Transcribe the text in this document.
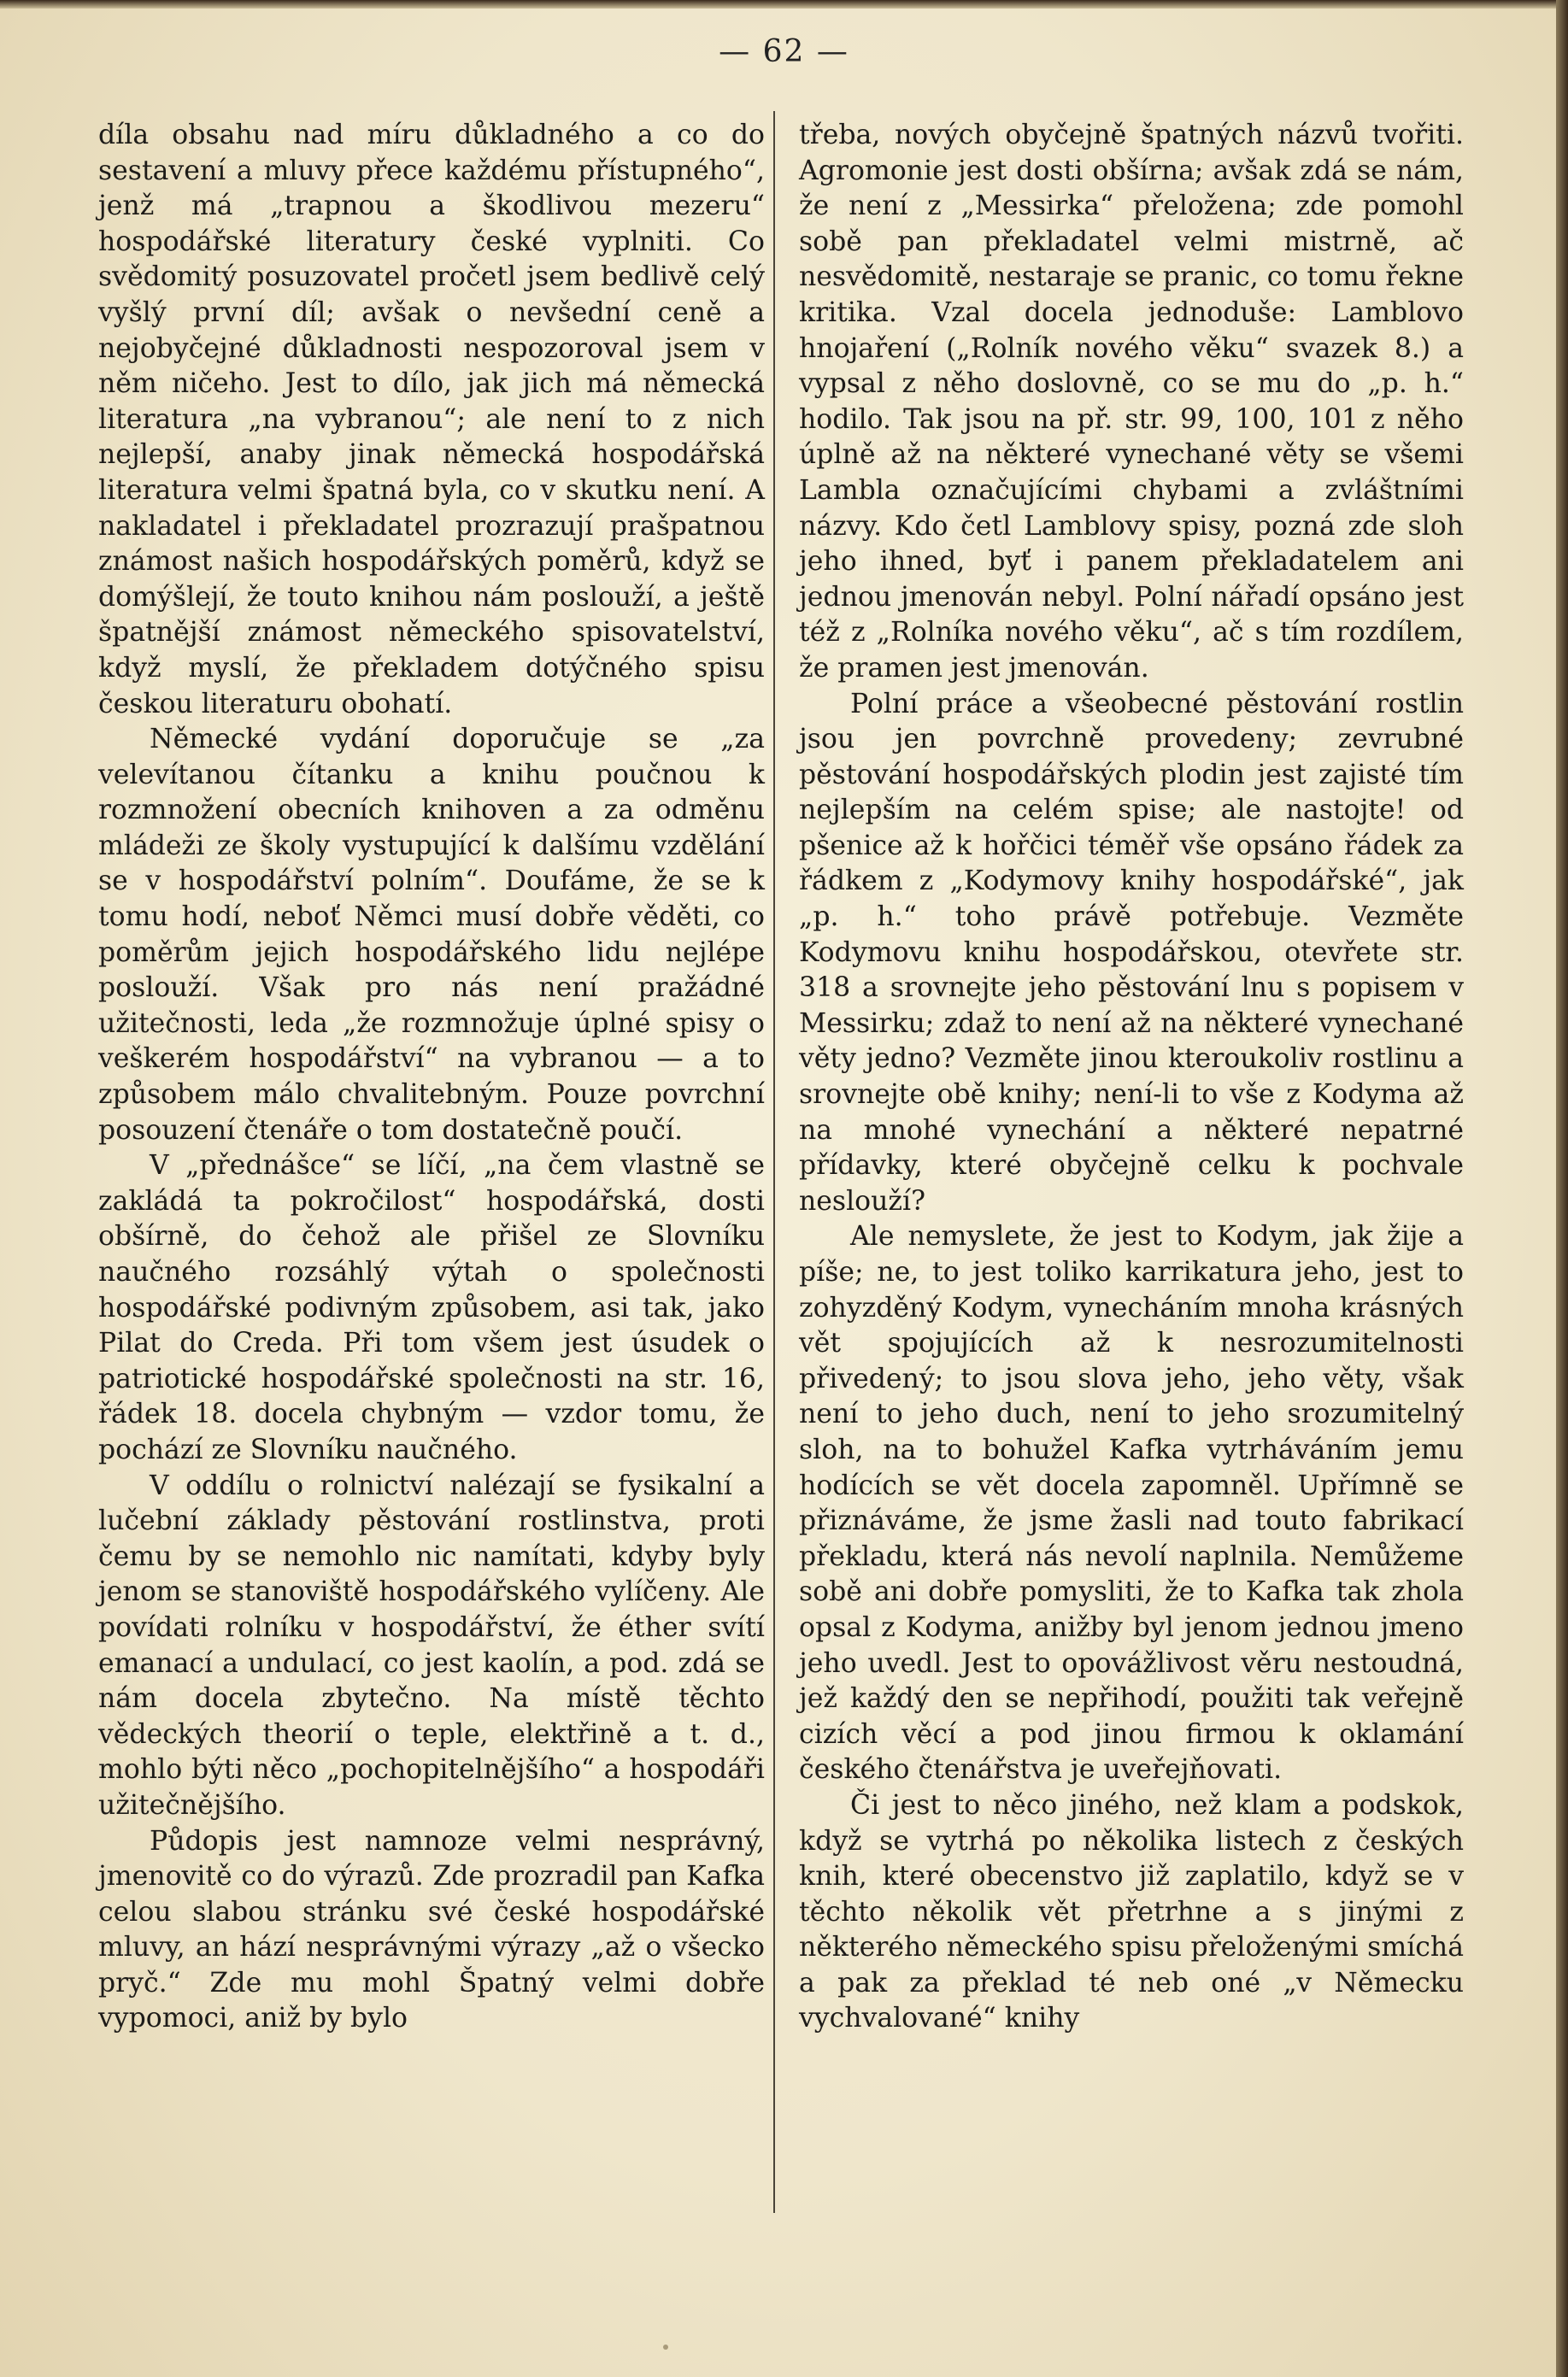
— 62 —

díla obsahu nad míru důkladného a co do sestavení a mluvy přece každému přístupného“, jenž má „trapnou a škodlivou mezeru“ hospodářské literatury české vyplniti. Co svědomitý posuzovatel pročetl jsem bedlivě celý vyšlý první díl; avšak o nevšední ceně a nejobyčejné důkladnosti nespozoroval jsem v něm ničeho. Jest to dílo, jak jich má německá literatura „na vybranou“; ale není to z nich nejlepší, anaby jinak německá hospodářská literatura velmi špatná byla, co v skutku není. A nakladatel i překladatel prozrazují prašpatnou známost našich hospodářských poměrů, když se domýšlejí, že touto knihou nám poslouží, a ještě špatnější známost německého spisovatelství, když myslí, že překladem dotýčného spisu českou literaturu obohatí.

Německé vydání doporučuje se „za velevítanou čítanku a knihu poučnou k rozmnožení obecních knihoven a za odměnu mládeži ze školy vystupující k dalšímu vzdělání se v hospodářství polním“. Doufáme, že se k tomu hodí, neboť Němci musí dobře věděti, co poměrům jejich hospodářského lidu nejlépe poslouží. Však pro nás není pražádné užitečnosti, leda „že rozmnožuje úplné spisy o veškerém hospodářství“ na vybranou — a to způsobem málo chvalitebným. Pouze povrchní posouzení čtenáře o tom dostatečně poučí.

V „přednášce“ se líčí, „na čem vlastně se zakládá ta pokročilost“ hospodářská, dosti obšírně, do čehož ale přišel ze Slovníku naučného rozsáhlý výtah o společnosti hospodářské podivným způsobem, asi tak, jako Pilat do Creda. Při tom všem jest úsudek o patriotické hospodářské společnosti na str. 16, řádek 18. docela chybným — vzdor tomu, že pochází ze Slovníku naučného.

V oddílu o rolnictví nalézají se fysikalní a lučební základy pěstování rostlinstva, proti čemu by se nemohlo nic namítati, kdyby byly jenom se stanoviště hospodářského vylíčeny. Ale povídati rolníku v hospodářství, že éther svítí emanací a undulací, co jest kaolín, a pod. zdá se nám docela zbytečno. Na místě těchto vědeckých theorií o teple, elektřině a t. d., mohlo býti něco „pochopitelnějšího“ a hospodáři užitečnějšího.

Půdopis jest namnoze velmi nesprávný, jmenovitě co do výrazů. Zde prozradil pan Kafka celou slabou stránku své české hospodářské mluvy, an hází nesprávnými výrazy „až o všecko pryč.“ Zde mu mohl Špatný velmi dobře vypomoci, aniž by bylo

třeba, nových obyčejně špatných názvů tvořiti. Agromonie jest dosti obšírna; avšak zdá se nám, že není z „Messirka“ přeložena; zde pomohl sobě pan překladatel velmi mistrně, ač nesvědomitě, nestaraje se pranic, co tomu řekne kritika. Vzal docela jednoduše: Lamblovo hnojaření („Rolník nového věku“ svazek 8.) a vypsal z něho doslovně, co se mu do „p. h.“ hodilo. Tak jsou na př. str. 99, 100, 101 z něho úplně až na některé vynechané věty se všemi Lamblа označujícími chybami a zvláštními názvy. Kdo četl Lamblovy spisy, pozná zde sloh jeho ihned, byť i panem překladatelem ani jednou jmenován nebyl. Polní nářadí opsáno jest též z „Rolníka nového věku“, ač s tím rozdílem, že pramen jest jmenován.

Polní práce a všeobecné pěstování rostlin jsou jen povrchně provedeny; zevrubné pěstování hospodářských plodin jest zajisté tím nejlepším na celém spise; ale nastojte! od pšenice až k hořčici téměř vše opsáno řádek za řádkem z „Kodymovy knihy hospodářské“, jak „p. h.“ toho právě potřebuje. Vezměte Kodymovu knihu hospodářskou, otevřete str. 318 a srovnejte jeho pěstování lnu s popisem v Messirku; zdaž to není až na některé vynechané věty jedno? Vezměte jinou kteroukoliv rostlinu a srovnejte obě knihy; není-li to vše z Kodyma až na mnohé vynechání a některé nepatrné přídavky, které obyčejně celku k pochvale neslouží?

Ale nemyslete, že jest to Kodym, jak žije a píše; ne, to jest toliko karrikatura jeho, jest to zohyzděný Kodym, vynecháním mnoha krásných vět spojujících až k nesrozumitelnosti přivedený; to jsou slova jeho, jeho věty, však není to jeho duch, není to jeho srozumitelný sloh, na to bohužel Kafka vytrháváním jemu hodících se vět docela zapomněl. Upřímně se přiznáváme, že jsme žasli nad touto fabrikací překladu, která nás nevolí naplnila. Nemůžeme sobě ani dobře pomysliti, že to Kafka tak zhola opsal z Kodyma, anižby byl jenom jednou jmeno jeho uvedl. Jest to opovážlivost věru nestoudná, jež každý den se nepřihodí, použiti tak veřejně cizích věcí a pod jinou firmou k oklamání českého čtenářstva je uveřejňovati.

Či jest to něco jiného, než klam a podskok, když se vytrhá po několika listech z českých knih, které obecenstvo již zaplatilo, když se v těchto několik vět přetrhne a s jinými z některého německého spisu přeloženými smíchá a pak za překlad té neb oné „v Německu vychvalované“ knihy
